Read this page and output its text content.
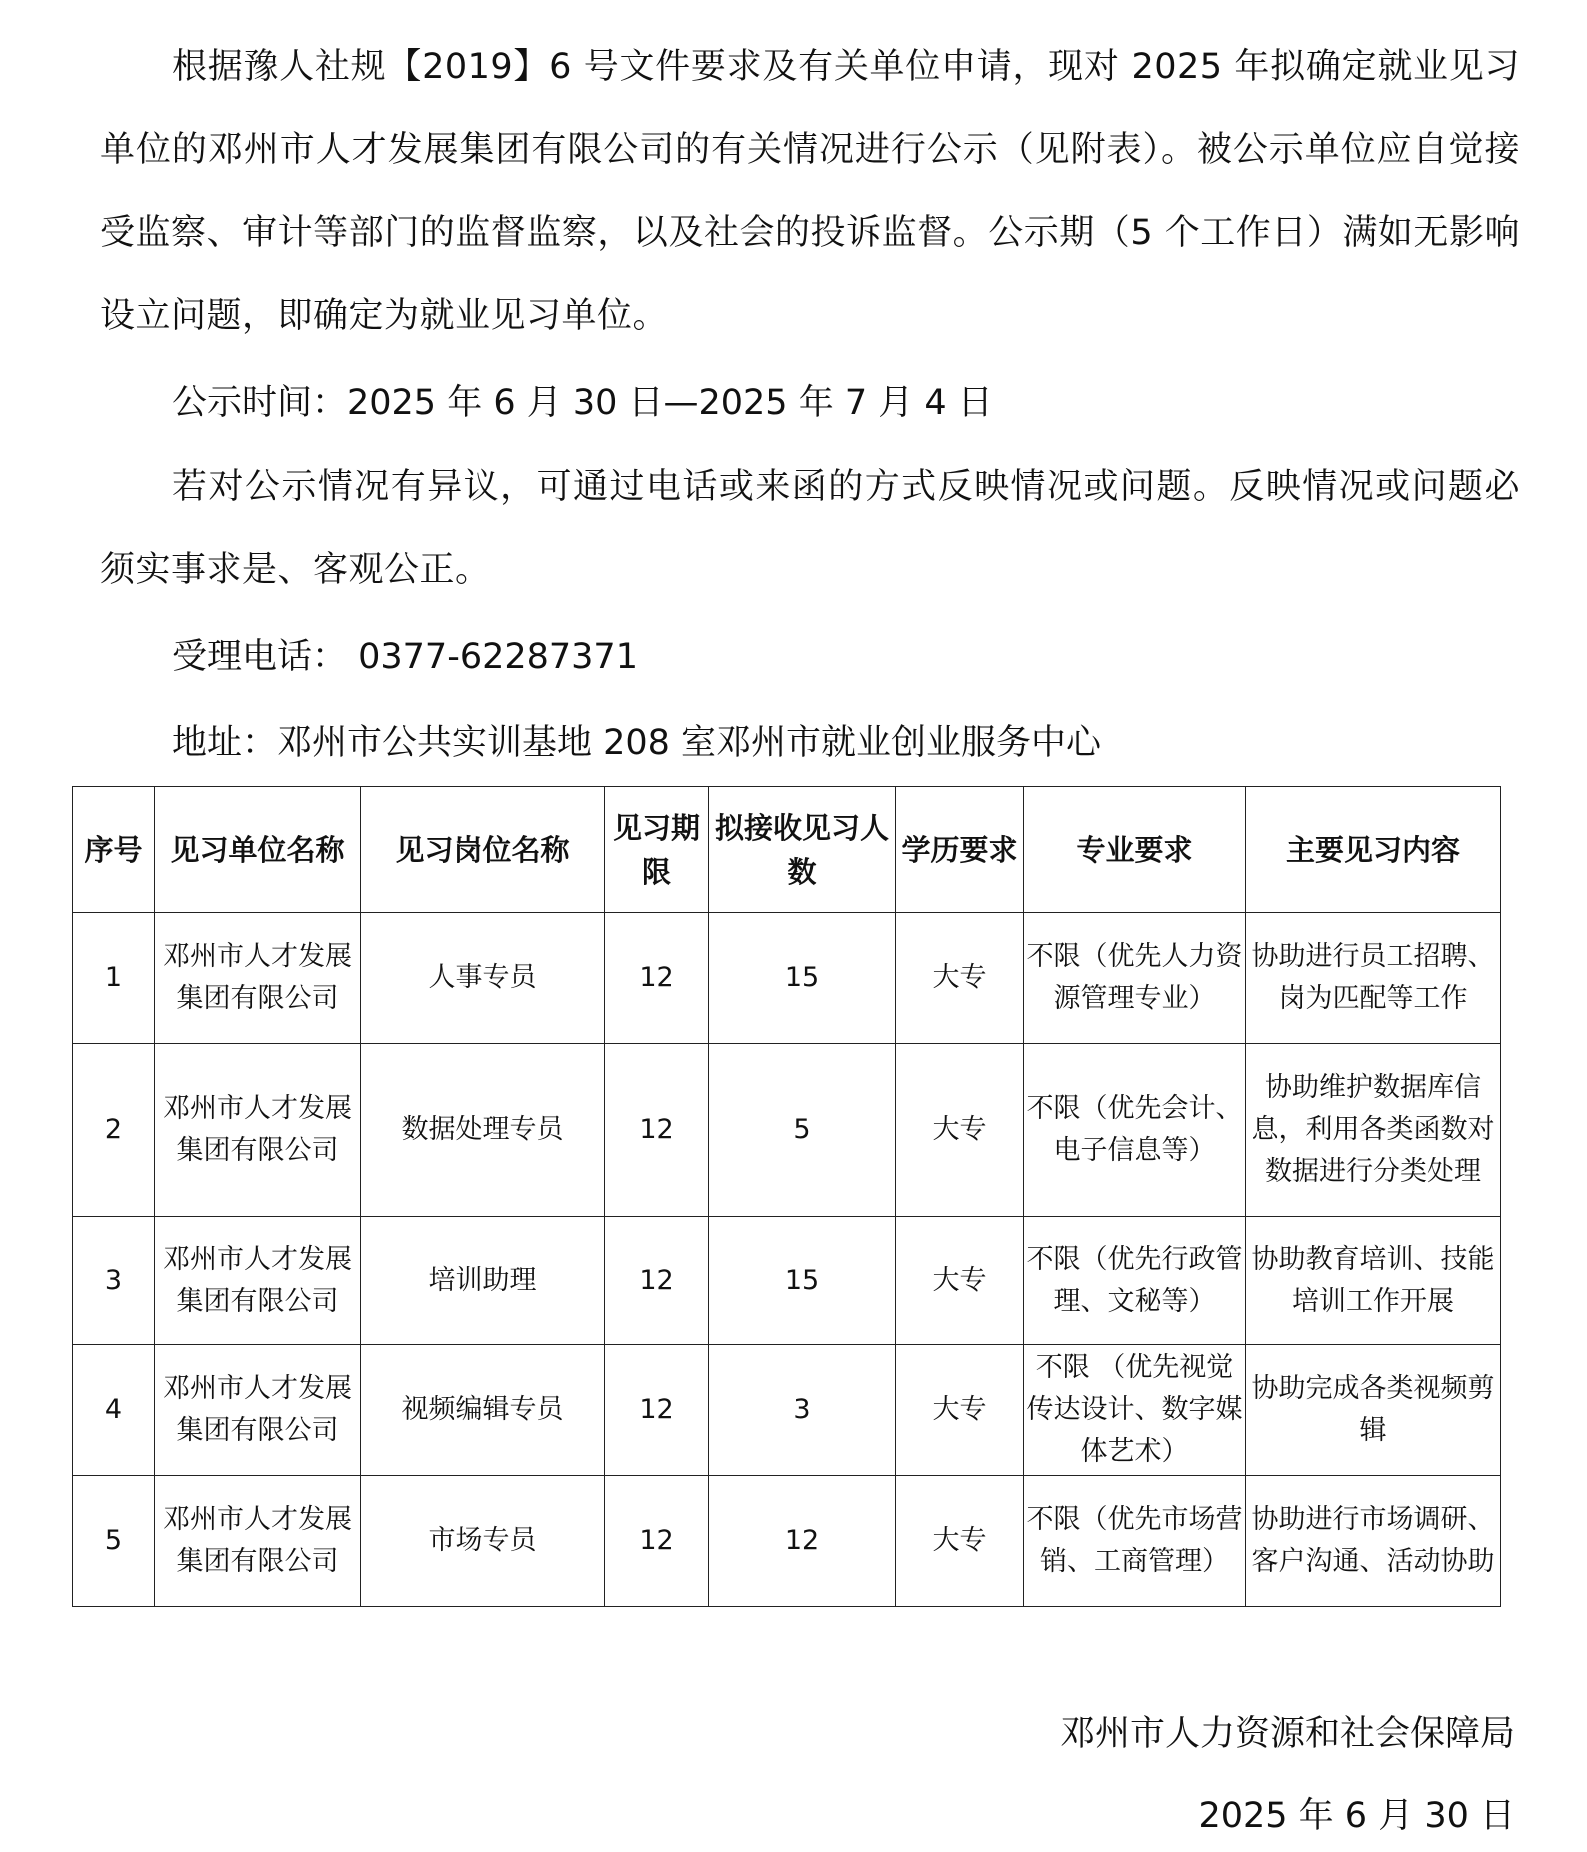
根据豫人社规【2019】6 号文件要求及有关单位申请，现对 2025 年拟确定就业见习单位的邓州市人才发展集团有限公司的有关情况进行公示（见附表）。被公示单位应自觉接受监察、审计等部门的监督监察，以及社会的投诉监督。公示期（5 个工作日）满如无影响设立问题，即确定为就业见习单位。

公示时间：2025 年 6 月 30 日—2025 年 7 月 4 日

若对公示情况有异议，可通过电话或来函的方式反映情况或问题。反映情况或问题必须实事求是、客观公正。

受理电话： 0377-62287371

地址：邓州市公共实训基地 208 室邓州市就业创业服务中心

序号	见习单位名称	见习岗位名称	见习期限	拟接收见习人数	学历要求	专业要求	主要见习内容
1	邓州市人才发展集团有限公司	人事专员	12	15	大专	不限（优先人力资源管理专业）	协助进行员工招聘、岗为匹配等工作
2	邓州市人才发展集团有限公司	数据处理专员	12	5	大专	不限（优先会计、电子信息等）	协助维护数据库信息，利用各类函数对数据进行分类处理
3	邓州市人才发展集团有限公司	培训助理	12	15	大专	不限（优先行政管理、文秘等）	协助教育培训、技能培训工作开展
4	邓州市人才发展集团有限公司	视频编辑专员	12	3	大专	不限 （优先视觉传达设计、数字媒体艺术）	协助完成各类视频剪辑
5	邓州市人才发展集团有限公司	市场专员	12	12	大专	不限（优先市场营销、工商管理）	协助进行市场调研、客户沟通、活动协助

邓州市人力资源和社会保障局

2025 年 6 月 30 日
